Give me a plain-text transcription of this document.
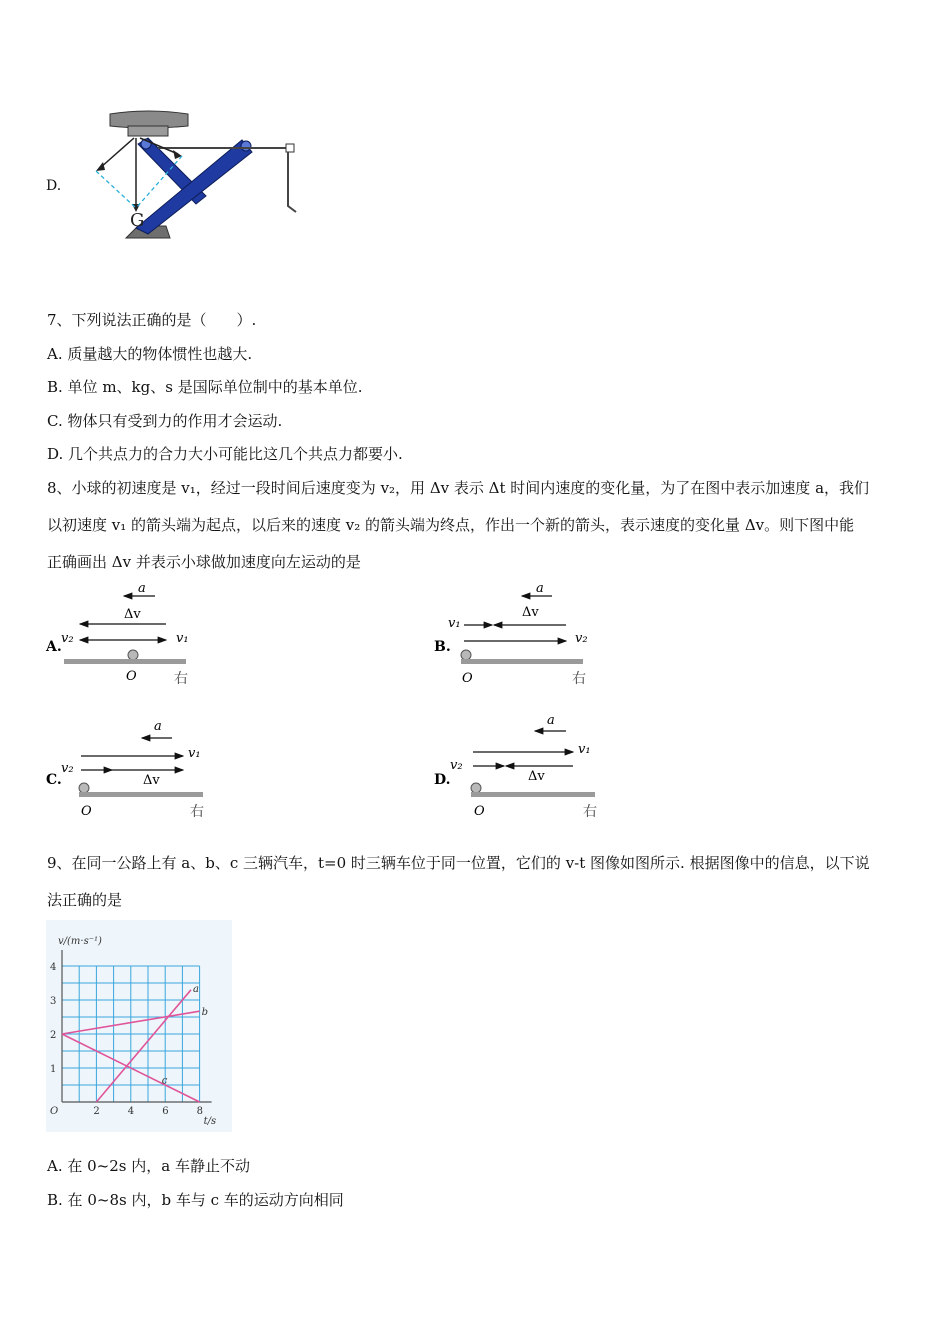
D.
G
7、下列说法正确的是（　　）.
A. 质量越大的物体惯性也越大.
B. 单位 m、kg、s 是国际单位制中的基本单位.
C. 物体只有受到力的作用才会运动.
D. 几个共点力的合力大小可能比这几个共点力都要小.
8、小球的初速度是 v₁，经过一段时间后速度变为 v₂，用 Δv 表示 Δt 时间内速度的变化量，为了在图中表示加速度 a，我们
以初速度 v₁ 的箭头端为起点，以后来的速度 v₂ 的箭头端为终点，作出一个新的箭头，表示速度的变化量 Δv。则下图中能
正确画出 Δv 并表示小球做加速度向左运动的是
A.
a
Δv
v₂	v₁
O	右
B.
a
Δv
v₁
v₂
O	右
C.
a
v₁
v₂
Δv
O	右
D.
a
v₁
v₂
Δv
O	右
9、在同一公路上有 a、b、c 三辆汽车，t=0 时三辆车位于同一位置，它们的 v-t 图像如图所示. 根据图像中的信息，以下说
法正确的是
2	4	6	8
1
2
3
4
O
t/s
v/(m·s⁻¹)
a
b
c
A. 在 0~2s 内，a 车静止不动
B. 在 0~8s 内，b 车与 c 车的运动方向相同
